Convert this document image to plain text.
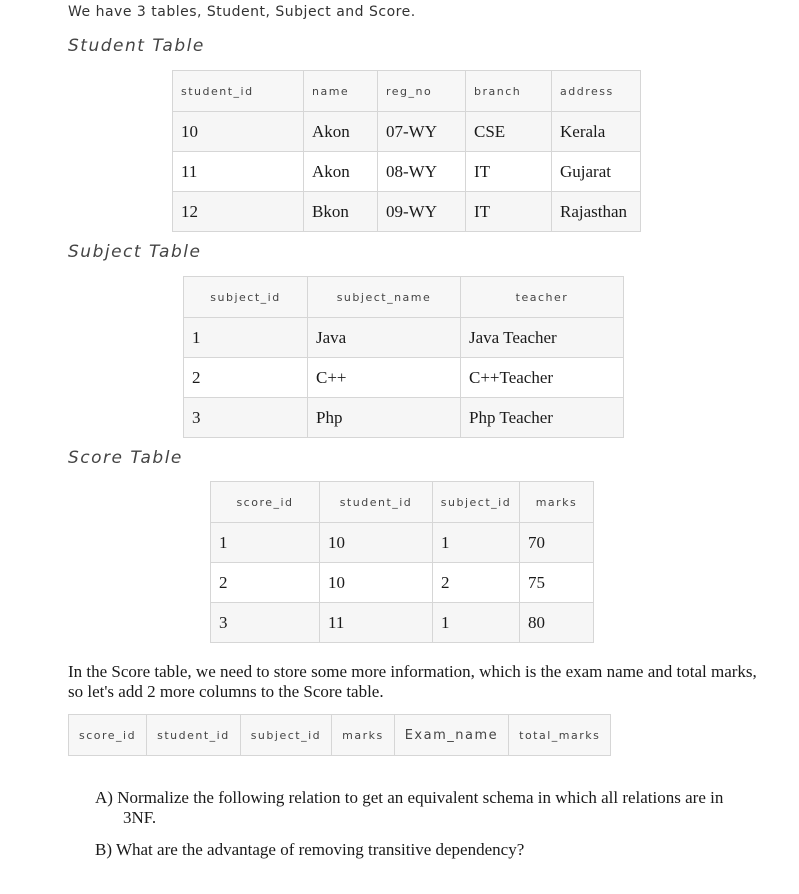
We have 3 tables, Student, Subject and Score.

Student Table

student_id	name	reg_no	branch	address
10	Akon	07-WY	CSE	Kerala
11	Akon	08-WY	IT	Gujarat
12	Bkon	09-WY	IT	Rajasthan

Subject Table

subject_id	subject_name	teacher
1	Java	Java Teacher
2	C++	C++Teacher
3	Php	Php Teacher

Score Table

score_id	student_id	subject_id	marks
1	10	1	70
2	10	2	75
3	11	1	80

In the Score table, we need to store some more information, which is the exam name and total marks, so let's add 2 more columns to the Score table.

score_id	student_id	subject_id	marks	Exam_name	total_marks
A) Normalize the following relation to get an equivalent schema in which all relations are in 3NF.
B) What are the advantage of removing transitive dependency?
